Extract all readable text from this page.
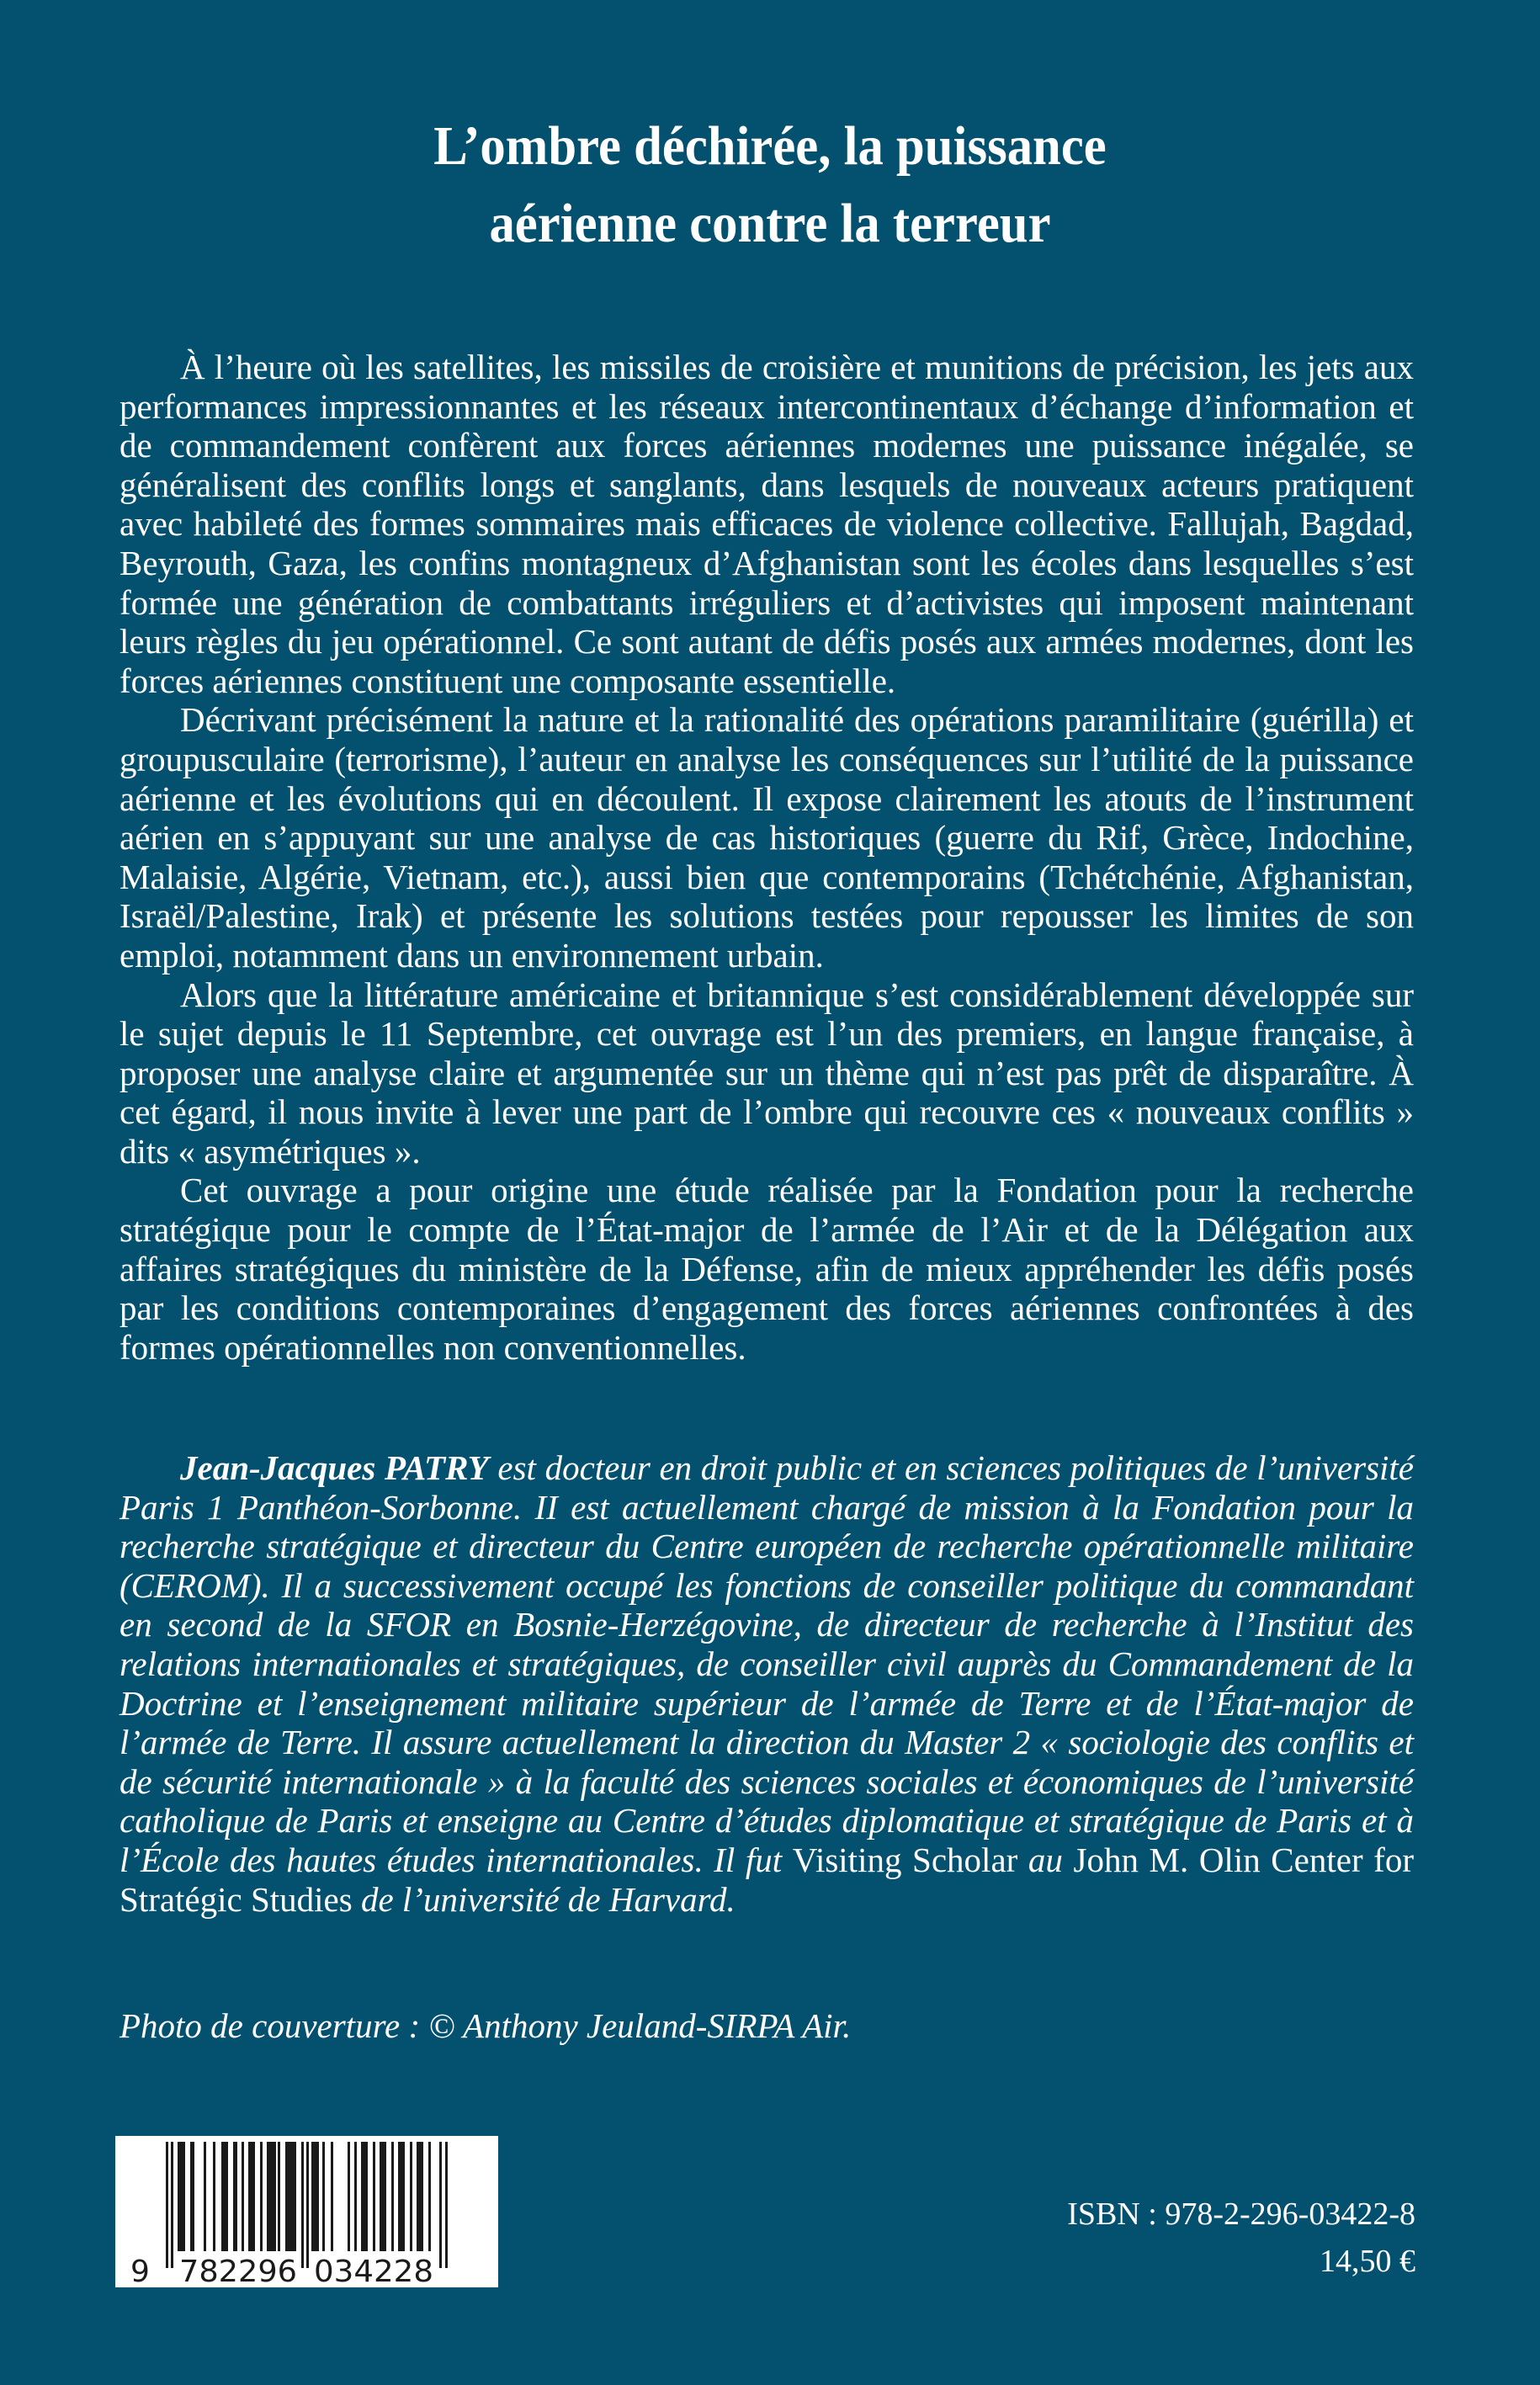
L’ombre déchirée, la puissance
aérienne contre la terreur

À l’heure où les satellites, les missiles de croisière et munitions de précision, les jets aux performances impressionnantes et les réseaux intercontinentaux d’échange d’information et de commandement confèrent aux forces aériennes modernes une puissance inégalée, se généralisent des conflits longs et sanglants, dans lesquels de nouveaux acteurs pratiquent avec habileté des formes sommaires mais efficaces de violence collective. Fallujah, Bagdad, Beyrouth, Gaza, les confins montagneux d’Afghanistan sont les écoles dans lesquelles s’est formée une génération de combattants irréguliers et d’activistes qui imposent maintenant leurs règles du jeu opérationnel. Ce sont autant de défis posés aux armées modernes, dont les forces aériennes constituent une composante essentielle.

Décrivant précisément la nature et la rationalité des opérations paramilitaire (guérilla) et groupusculaire (terrorisme), l’auteur en analyse les conséquences sur l’utilité de la puissance aérienne et les évolutions qui en découlent. Il expose clairement les atouts de l’instrument aérien en s’appuyant sur une analyse de cas historiques (guerre du Rif, Grèce, Indochine, Malaisie, Algérie, Vietnam, etc.), aussi bien que contemporains (Tchétchénie, Afghanistan, Israël/Palestine, Irak) et présente les solutions testées pour repousser les limites de son emploi, notamment dans un environnement urbain.

Alors que la littérature américaine et britannique s’est considérablement développée sur le sujet depuis le 11 Septembre, cet ouvrage est l’un des premiers, en langue française, à proposer une analyse claire et argumentée sur un thème qui n’est pas prêt de disparaître. À cet égard, il nous invite à lever une part de l’ombre qui recouvre ces « nouveaux conflits » dits « asymétriques ».

Cet ouvrage a pour origine une étude réalisée par la Fondation pour la recherche stratégique pour le compte de l’État-major de l’armée de l’Air et de la Délégation aux affaires stratégiques du ministère de la Défense, afin de mieux appréhender les défis posés par les conditions contemporaines d’engagement des forces aériennes confrontées à des formes opérationnelles non conventionnelles.

Jean-Jacques PATRY est docteur en droit public et en sciences politiques de l’université Paris 1 Panthéon-Sorbonne. II est actuellement chargé de mission à la Fondation pour la recherche stratégique et directeur du Centre européen de recherche opérationnelle militaire (CEROM). Il a successivement occupé les fonctions de conseiller politique du commandant en second de la SFOR en Bosnie-Herzégovine, de directeur de recherche à l’Institut des relations internationales et stratégiques, de conseiller civil auprès du Commandement de la Doctrine et l’enseignement militaire supérieur de l’armée de Terre et de l’État-major de l’armée de Terre. Il assure actuellement la direction du Master 2 « sociologie des conflits et de sécurité internationale » à la faculté des sciences sociales et économiques de l’université catholique de Paris et enseigne au Centre d’études diplomatique et stratégique de Paris et à l’École des hautes études internationales. Il fut Visiting Scholar au John M. Olin Center for Stratégic Studies de l’université de Harvard.

Photo de couverture : © Anthony Jeuland-SIRPA Air.
9 782296 034228
ISBN : 978-2-296-03422-8
14,50 €
